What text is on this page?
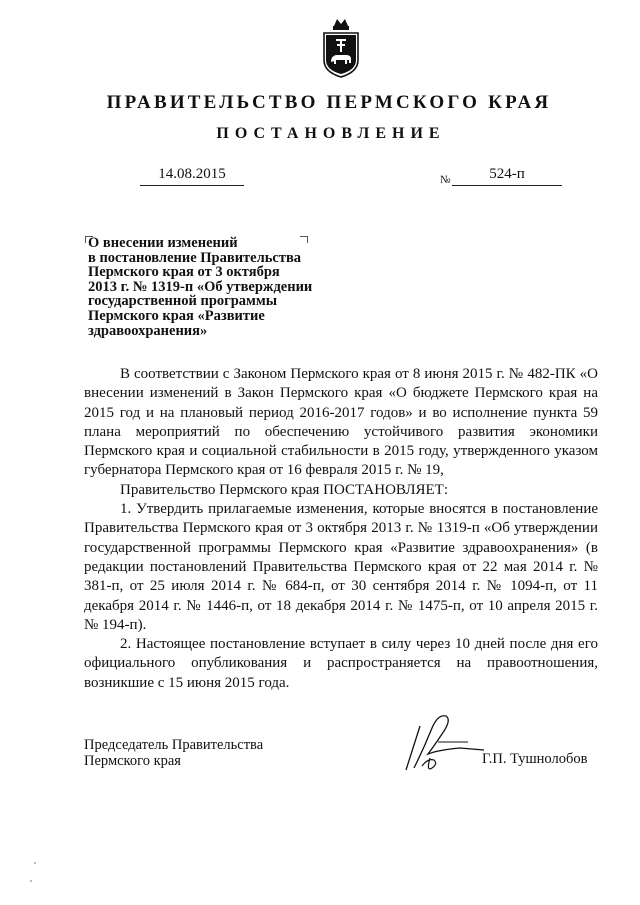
ПРАВИТЕЛЬСТВО ПЕРМСКОГО КРАЯ
ПОСТАНОВЛЕНИЕ
14.08.2015	№	524-п
О внесении изменений
в постановление Правительства
Пермского края от 3 октября
2013 г. № 1319-п «Об утверждении
государственной программы
Пермского края «Развитие
здравоохранения»

В соответствии с Законом Пермского края от 8 июня 2015 г. № 482-ПК «О внесении изменений в Закон Пермского края «О бюджете Пермского края на 2015 год и на плановый период 2016-2017 годов» и во исполнение пункта 59 плана мероприятий по обеспечению устойчивого развития экономики Пермского края и социальной стабильности в 2015 году, утвержденного указом губернатора Пермского края от 16 февраля 2015 г. № 19,

Правительство Пермского края ПОСТАНОВЛЯЕТ:

1. Утвердить прилагаемые изменения, которые вносятся в постановление Правительства Пермского края от 3 октября 2013 г. № 1319-п «Об утверждении государственной программы Пермского края «Развитие здравоохранения» (в редакции постановлений Правительства Пермского края от 22 мая 2014 г. № 381-п, от 25 июля 2014 г. № 684-п, от 30 сентября 2014 г. № 1094-п, от 11 декабря 2014 г. № 1446-п, от 18 декабря 2014 г. № 1475-п, от 10 апреля 2015 г. № 194-п).

2. Настоящее постановление вступает в силу через 10 дней после дня его официального опубликования и распространяется на правоотношения, возникшие с 15 июня 2015 года.

Председатель Правительства
Пермского края	Г.П. Тушнолобов
